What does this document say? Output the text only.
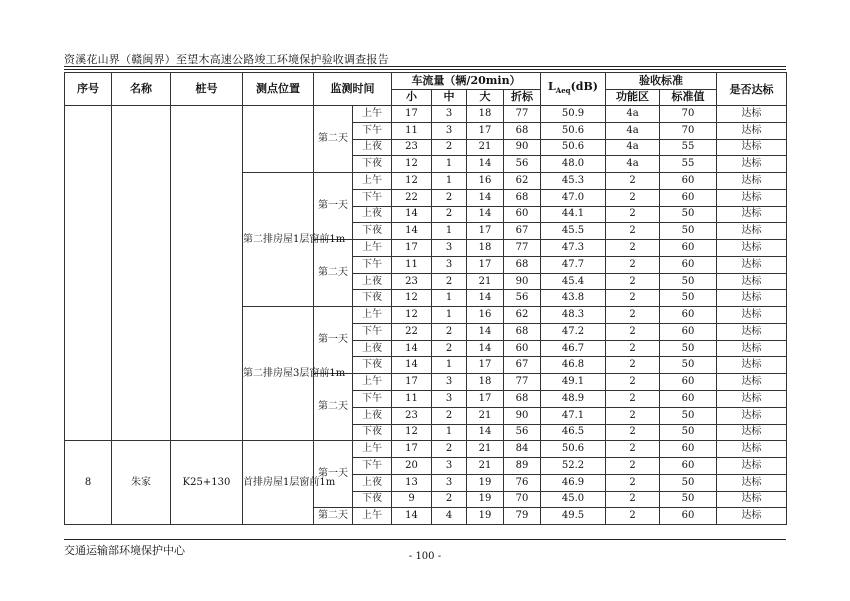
资溪花山界（赣闽界）至望木高速公路竣工环境保护验收调查报告
序号	名称	桩号	测点位置	监测时间		车流量（辆/20min）				$L_{Aeq}(dB)$	验收标准		是否达标
						小	中	大	折标		功能区	标准值	
				第二天	上午	17	3	18	77	50.9	4a	70	达标
					下午	11	3	17	68	50.6	4a	70	达标
					上夜	23	2	21	90	50.6	4a	55	达标
					下夜	12	1	14	56	48.0	4a	55	达标
			第二排房屋1层窗前1m	第一天	上午	12	1	16	62	45.3	2	60	达标
					下午	22	2	14	68	47.0	2	60	达标
					上夜	14	2	14	60	44.1	2	50	达标
					下夜	14	1	17	67	45.5	2	50	达标
				第二天	上午	17	3	18	77	47.3	2	60	达标
					下午	11	3	17	68	47.7	2	60	达标
					上夜	23	2	21	90	45.4	2	50	达标
					下夜	12	1	14	56	43.8	2	50	达标
			第二排房屋3层窗前1m	第一天	上午	12	1	16	62	48.3	2	60	达标
					下午	22	2	14	68	47.2	2	60	达标
					上夜	14	2	14	60	46.7	2	50	达标
					下夜	14	1	17	67	46.8	2	50	达标
				第二天	上午	17	3	18	77	49.1	2	60	达标
					下午	11	3	17	68	48.9	2	60	达标
					上夜	23	2	21	90	47.1	2	50	达标
					下夜	12	1	14	56	46.5	2	50	达标
8	朱家	K25+130	首排房屋1层窗前1m	第一天	上午	17	2	21	84	50.6	2	60	达标
					下午	20	3	21	89	52.2	2	60	达标
					上夜	13	3	19	76	46.9	2	50	达标
					下夜	9	2	19	70	45.0	2	50	达标
				第二天	上午	14	4	19	79	49.5	2	60	达标
交通运输部环境保护中心	- 100 -
